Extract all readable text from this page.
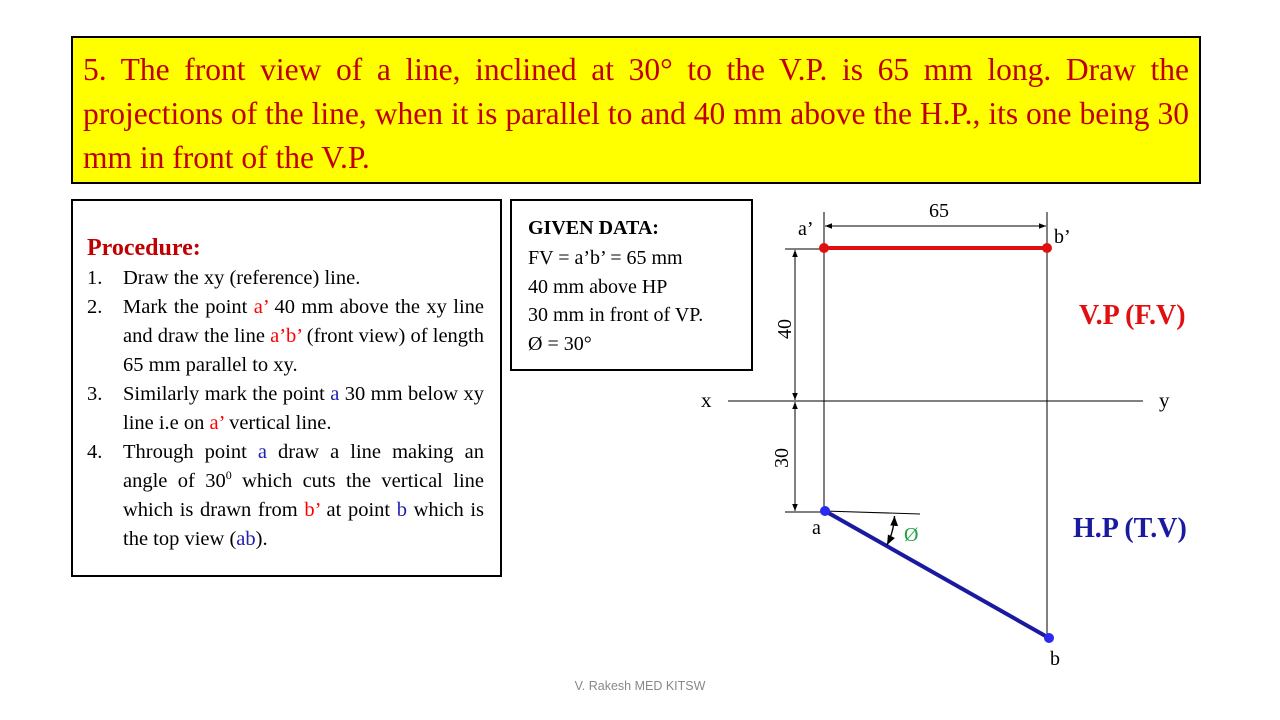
5. The front view of a line, inclined at 30° to the V.P. is 65 mm long. Draw the projections of the line, when it is parallel to and 40 mm above the H.P., its one being 30 mm in front of the V.P.

Procedure:

1.	Draw the xy (reference) line.
2.	Mark the point a’ 40 mm above the xy line and draw the line a’b’ (front view) of length 65 mm parallel to xy.
3.	Similarly mark the point a 30 mm below xy line i.e on a’ vertical line.
4.	Through point a draw a line making an angle of $30^0$ which cuts the vertical line which is drawn from b’ at point b which is the top view (ab).

GIVEN DATA:

FV = a’b’ = 65 mm

40 mm above HP

30 mm in front of VP.

Ø = 30°

x	y
65
40
30
a’	b’
a
b
Ø
V.P (F.V)
H.P (T.V)
V. Rakesh MED KITSW
